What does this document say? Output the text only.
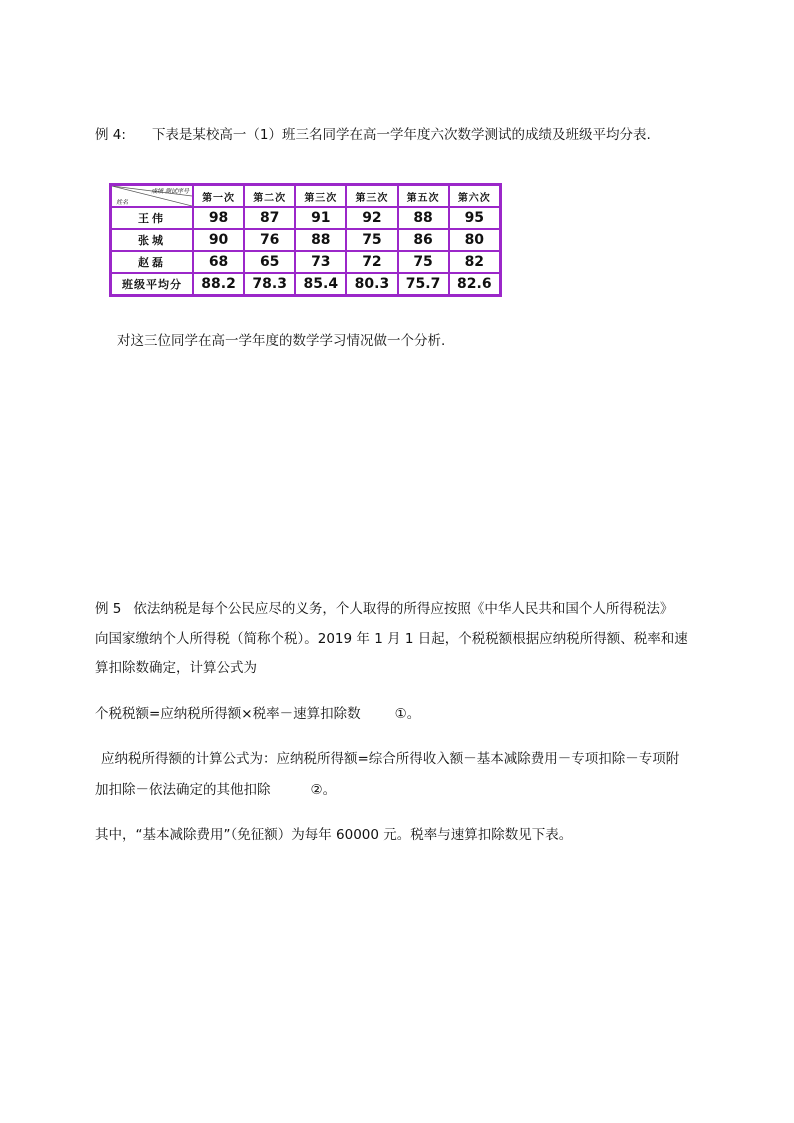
例 4: 下表是某校高一（1）班三名同学在高一学年度六次数学测试的成绩及班级平均分表.
成绩 测试序号
姓名	第一次	第二次	第三次	第三次	第五次	第六次
王伟	98	87	91	92	88	95
张城	90	76	88	75	86	80
赵磊	68	65	73	72	75	82
班级平均分	88.2	78.3	85.4	80.3	75.7	82.6
对这三位同学在高一学年度的数学学习情况做一个分析.
例 5 依法纳税是每个公民应尽的义务，个人取得的所得应按照《中华人民共和国个人所得税法》
向国家缴纳个人所得税（简称个税）。2019 年 1 月 1 日起，个税税额根据应纳税所得额、税率和速
算扣除数确定，计算公式为
个税税额=应纳税所得额×税率－速算扣除数	①。
应纳税所得额的计算公式为：应纳税所得额=综合所得收入额－基本减除费用－专项扣除－专项附
加扣除－依法确定的其他扣除	②。
其中，“基本减除费用”（免征额）为每年 60000 元。税率与速算扣除数见下表。
